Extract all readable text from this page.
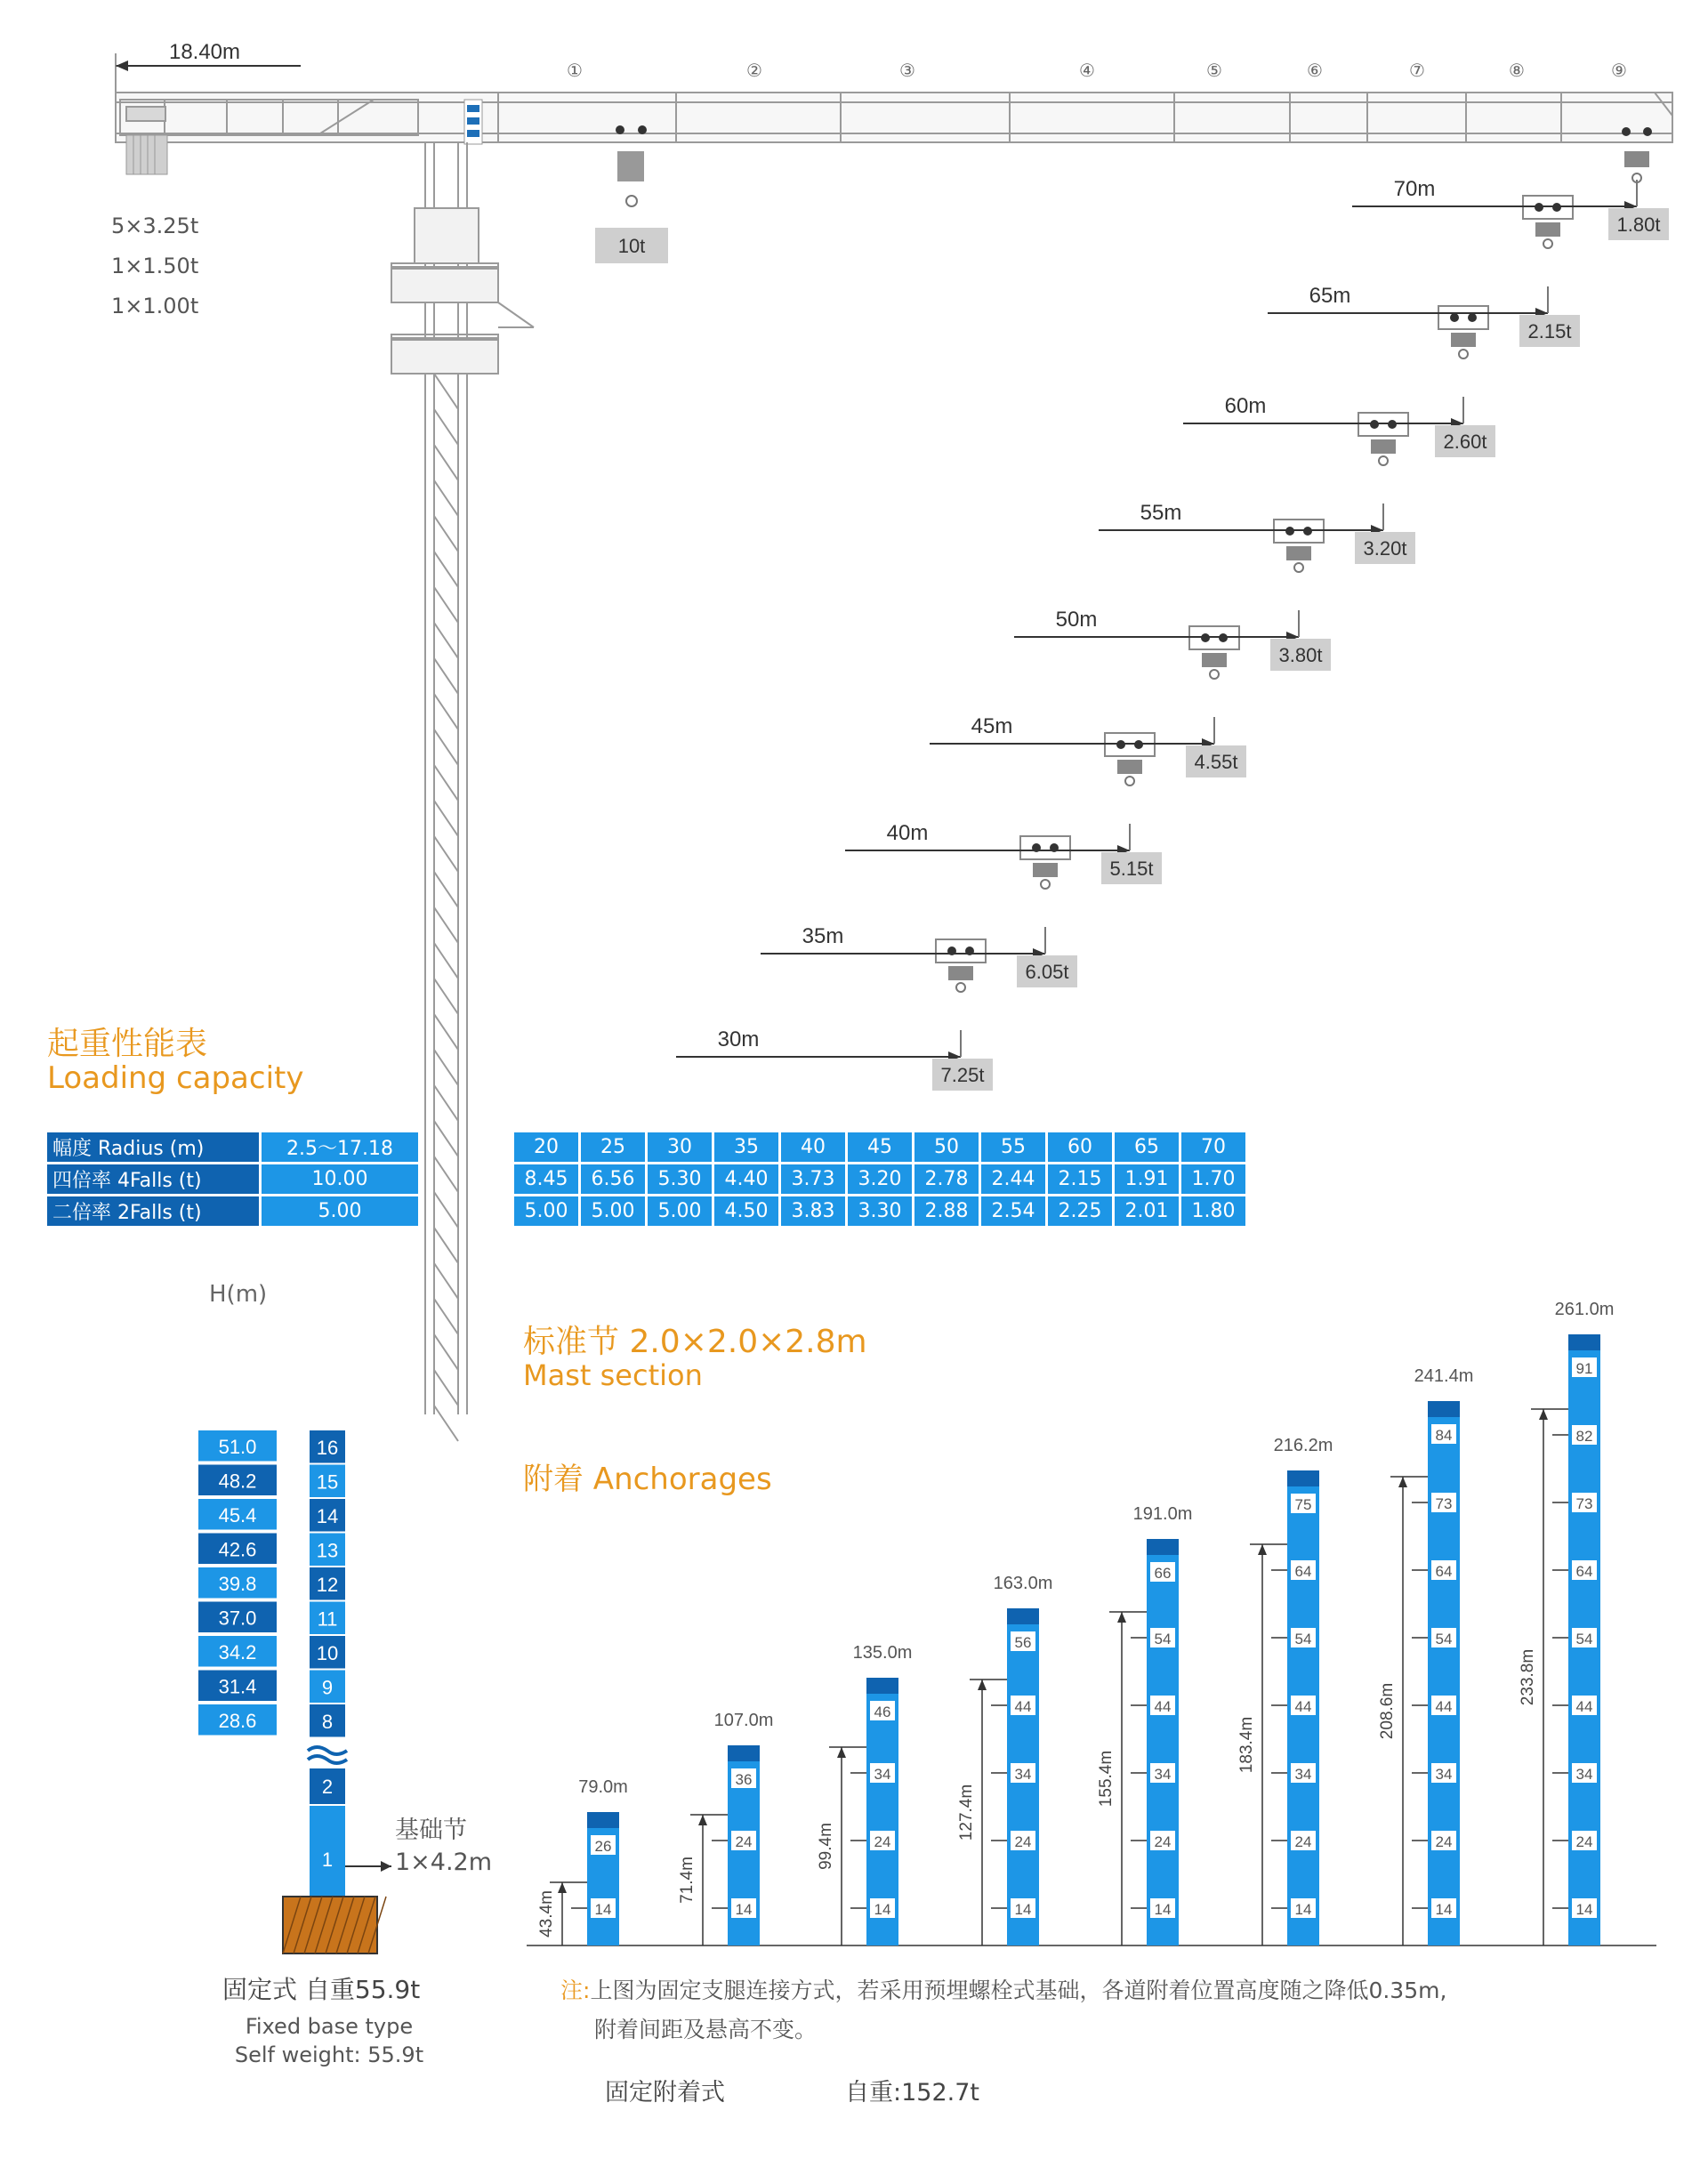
18.40m
①	②	③	④	⑤	⑥	⑦	⑧	⑨
10t
30m
7.25t
35m
6.05t
40m
5.15t
45m
4.55t
50m
3.80t
55m
3.20t
60m
2.60t
65m
2.15t
70m
1.80t
79.0m
26
14
43.4m
107.0m
36
24
14
71.4m
135.0m
46
34
24
14
99.4m
163.0m
56
44
34
24
14
127.4m
191.0m
66
54
44
34
24
14
155.4m
216.2m
75
64
54
44
34
24
14
183.4m
241.4m
84
73
64
54
44
34
24
14
208.6m
261.0m
91
82
73
64
54
44
34
24
14
233.8m
51.0	16
48.2	15
45.4	14
42.6	13
39.8	12
37.0	11
34.2	10
31.4	9
28.6	8
2
1
5×3.25t
1×1.50t
1×1.00t
起重性能表
Loading capacity
幅度 Radius (m)	2.5～17.18
四倍率 4Falls (t)	10.00
二倍率 2Falls (t)	5.00
20	25	30	35	40	45	50	55	60	65	70
8.45	6.56	5.30	4.40	3.73	3.20	2.78	2.44	2.15	1.91	1.70
5.00	5.00	5.00	4.50	3.83	3.30	2.88	2.54	2.25	2.01	1.80
H(m)
标准节 2.0×2.0×2.8m
Mast section
附着 Anchorages
基础节
1×4.2m
固定式 自重55.9t
Fixed base type
Self weight: 55.9t
注:上图为固定支腿连接方式，若采用预埋螺栓式基础，各道附着位置高度随之降低0.35m,
附着间距及悬高不变。
固定附着式	自重:152.7t
